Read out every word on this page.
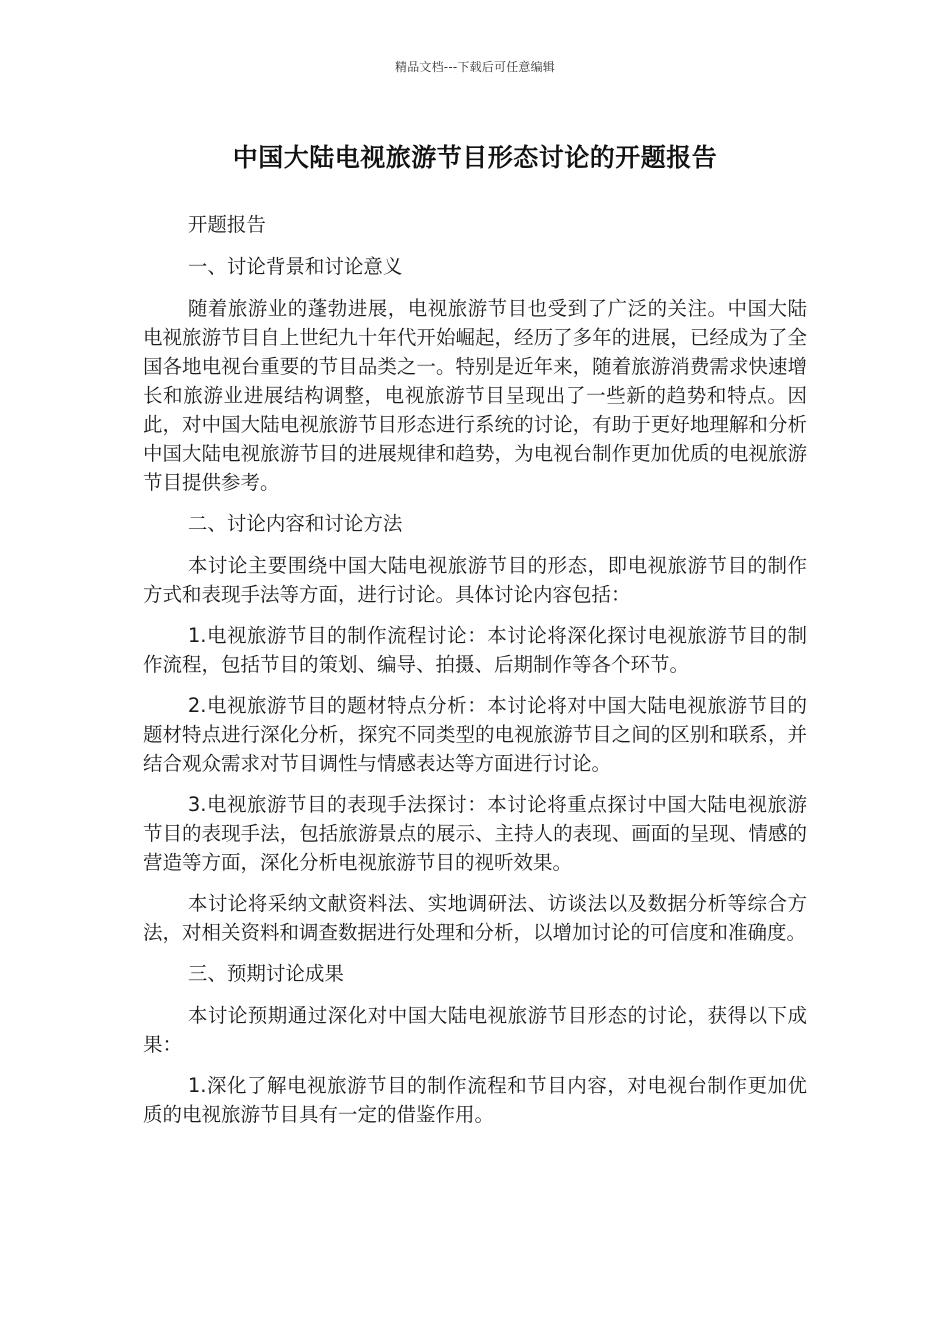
精品文档---下载后可任意编辑
中国大陆电视旅游节目形态讨论的开题报告

开题报告

一、讨论背景和讨论意义

随着旅游业的蓬勃进展，电视旅游节目也受到了广泛的关注。中国大陆电视旅游节目自上世纪九十年代开始崛起，经历了多年的进展，已经成为了全国各地电视台重要的节目品类之一。特别是近年来，随着旅游消费需求快速增长和旅游业进展结构调整，电视旅游节目呈现出了一些新的趋势和特点。因此，对中国大陆电视旅游节目形态进行系统的讨论，有助于更好地理解和分析中国大陆电视旅游节目的进展规律和趋势，为电视台制作更加优质的电视旅游节目提供参考。

二、讨论内容和讨论方法

本讨论主要围绕中国大陆电视旅游节目的形态，即电视旅游节目的制作方式和表现手法等方面，进行讨论。具体讨论内容包括：

1.电视旅游节目的制作流程讨论：本讨论将深化探讨电视旅游节目的制作流程，包括节目的策划、编导、拍摄、后期制作等各个环节。

2.电视旅游节目的题材特点分析：本讨论将对中国大陆电视旅游节目的题材特点进行深化分析，探究不同类型的电视旅游节目之间的区别和联系，并结合观众需求对节目调性与情感表达等方面进行讨论。

3.电视旅游节目的表现手法探讨：本讨论将重点探讨中国大陆电视旅游节目的表现手法，包括旅游景点的展示、主持人的表现、画面的呈现、情感的营造等方面，深化分析电视旅游节目的视听效果。

本讨论将采纳文献资料法、实地调研法、访谈法以及数据分析等综合方法，对相关资料和调查数据进行处理和分析，以增加讨论的可信度和准确度。

三、预期讨论成果

本讨论预期通过深化对中国大陆电视旅游节目形态的讨论，获得以下成果：

1.深化了解电视旅游节目的制作流程和节目内容，对电视台制作更加优质的电视旅游节目具有一定的借鉴作用。
